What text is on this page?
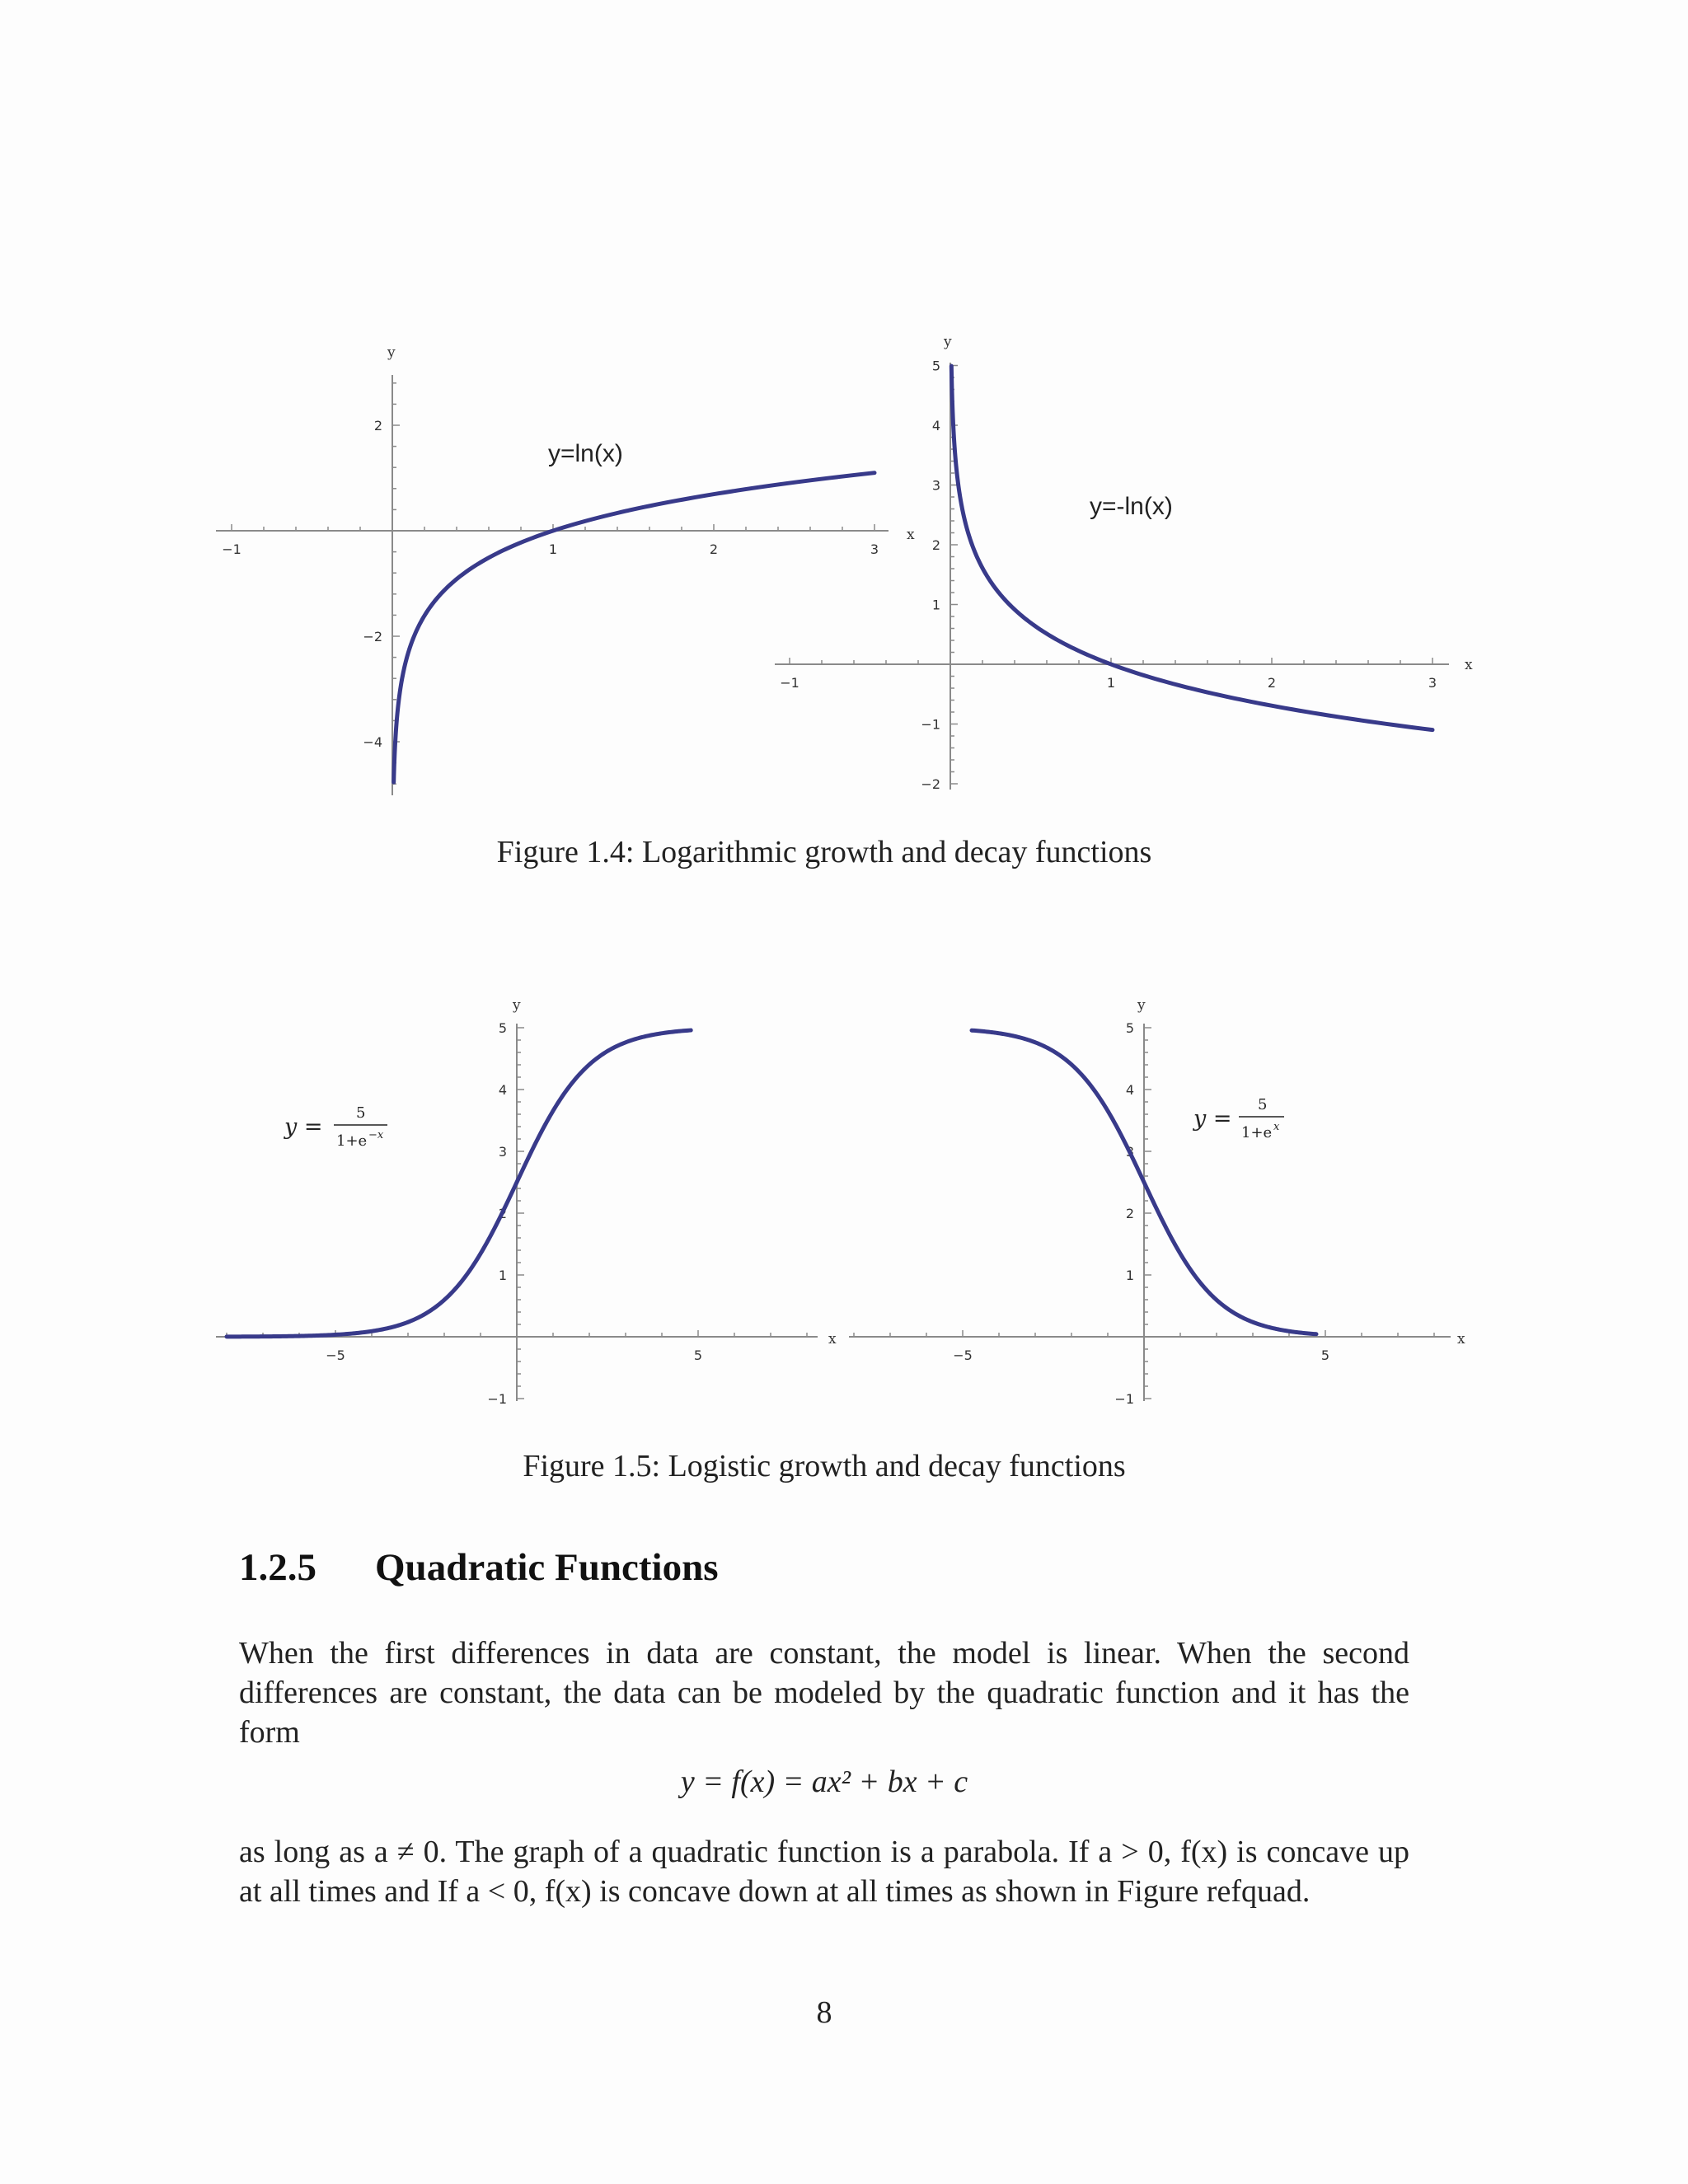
y
x
−1	1	2	3
2
−2
−4
y=ln(x)
y
x
−1	1	2	3
5
4
3
2
1
−1
−2
y=-ln(x)
Figure 1.4: Logarithmic growth and decay functions
y
x
−5	5
5
4
3
2
1
−1
y =
5
1+e −x
y
x
−5	5
5
4
3
2
1
−1
y =
5
1+e x
Figure 1.5: Logistic growth and decay functions
1.2.5 Quadratic Functions
When the first differences in data are constant, the model is linear. When the second differences are constant, the data can be modeled by the quadratic function and it has the form
y = f(x) = ax² + bx + c
as long as a ≠ 0. The graph of a quadratic function is a parabola. If a > 0, f(x) is concave up at all times and If a < 0, f(x) is concave down at all times as shown in Figure refquad.
8
